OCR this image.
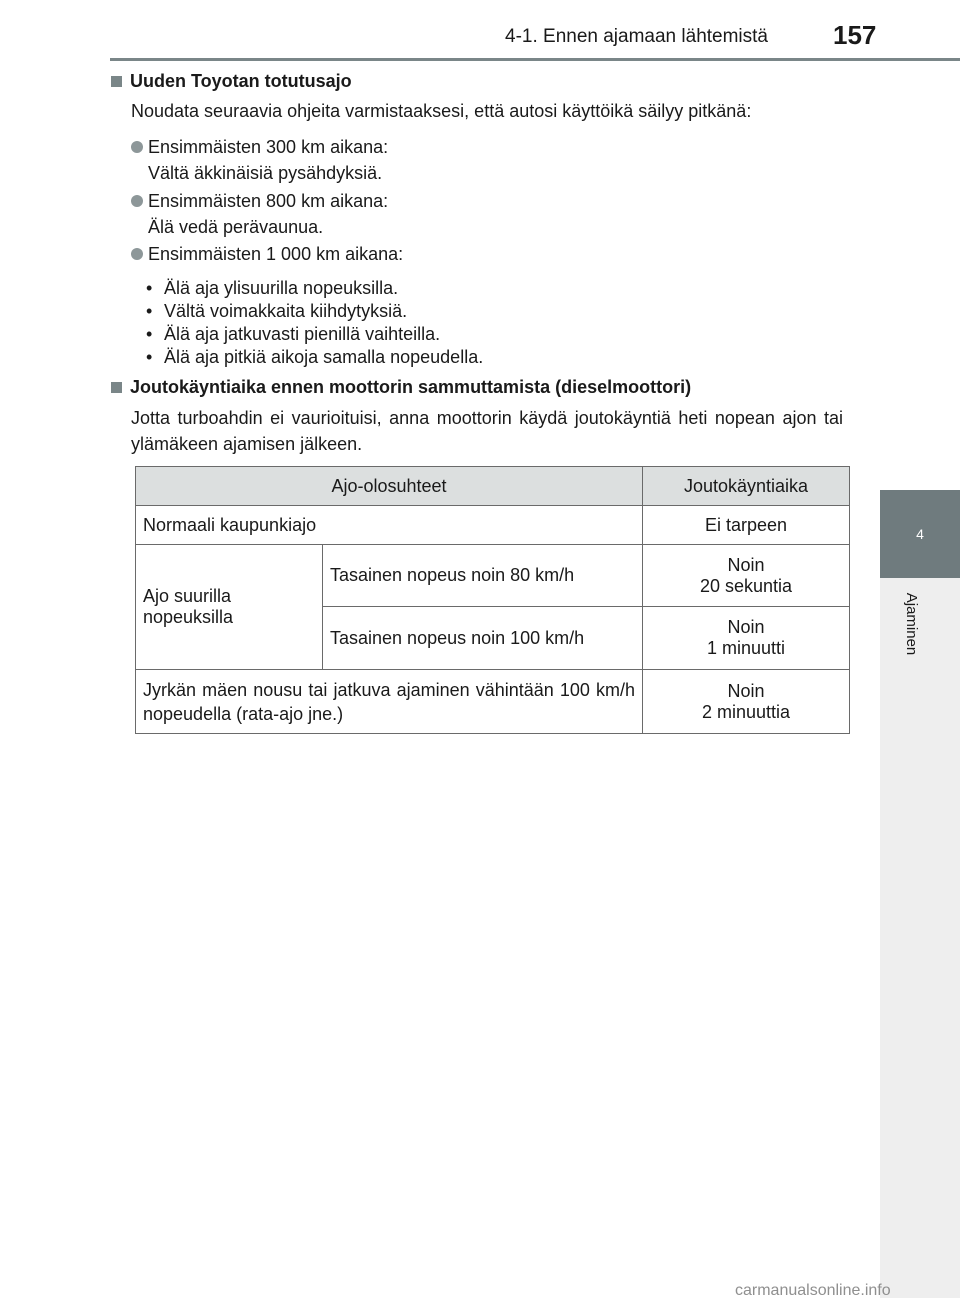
4-1. Ennen ajamaan lähtemistä	157
4
Ajaminen
Uuden Toyotan totutusajo
Noudata seuraavia ohjeita varmistaaksesi, että autosi käyttöikä säilyy pitkänä:
Ensimmäisten 300 km aikana:
Vältä äkkinäisiä pysähdyksiä.
Ensimmäisten 800 km aikana:
Älä vedä perävaunua.
Ensimmäisten 1 000 km aikana:
• Älä aja ylisuurilla nopeuksilla.
• Vältä voimakkaita kiihdytyksiä.
• Älä aja jatkuvasti pienillä vaihteilla.
• Älä aja pitkiä aikoja samalla nopeudella.
Joutokäyntiaika ennen moottorin sammuttamista (dieselmoottori)
Jotta turboahdin ei vaurioituisi, anna moottorin käydä joutokäyntiä heti nopean ajon tai ylämäkeen ajamisen jälkeen.
Ajo-olosuhteet		Joutokäyntiaika
Normaali kaupunkiajo		Ei tarpeen
Ajo suurilla nopeuksilla	Tasainen nopeus noin 80 km/h	Noin
20 sekuntia

	Tasainen nopeus noin 100 km/h	Noin
1 minuutti

Jyrkän mäen nousu tai jatkuva ajaminen vähintään 100 km/h nopeudella (rata-ajo jne.)		Noin
2 minuuttia
carmanualsonline.info
